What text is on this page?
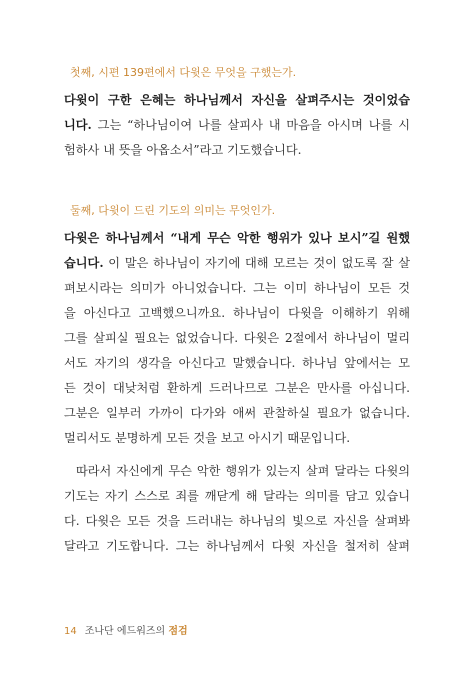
첫째, 시편 139편에서 다윗은 무엇을 구했는가.
다윗이 구한 은혜는 하나님께서 자신을 살펴주시는 것이었습
니다. 그는 “하나님이여 나를 살피사 내 마음을 아시며 나를 시
험하사 내 뜻을 아옵소서”라고 기도했습니다.
둘째, 다윗이 드린 기도의 의미는 무엇인가.
다윗은 하나님께서 “내게 무슨 악한 행위가 있나 보시”길 원했
습니다. 이 말은 하나님이 자기에 대해 모르는 것이 없도록 잘 살
펴보시라는 의미가 아니었습니다. 그는 이미 하나님이 모든 것
을 아신다고 고백했으니까요. 하나님이 다윗을 이해하기 위해
그를 살피실 필요는 없었습니다. 다윗은 2절에서 하나님이 멀리
서도 자기의 생각을 아신다고 말했습니다. 하나님 앞에서는 모
든 것이 대낮처럼 환하게 드러나므로 그분은 만사를 아십니다.
그분은 일부러 가까이 다가와 애써 관찰하실 필요가 없습니다.
멀리서도 분명하게 모든 것을 보고 아시기 때문입니다.
따라서 자신에게 무슨 악한 행위가 있는지 살펴 달라는 다윗의
기도는 자기 스스로 죄를 깨닫게 해 달라는 의미를 담고 있습니
다. 다윗은 모든 것을 드러내는 하나님의 빛으로 자신을 살펴봐
달라고 기도합니다. 그는 하나님께서 다윗 자신을 철저히 살펴
14 조나단 에드워즈의 점검
